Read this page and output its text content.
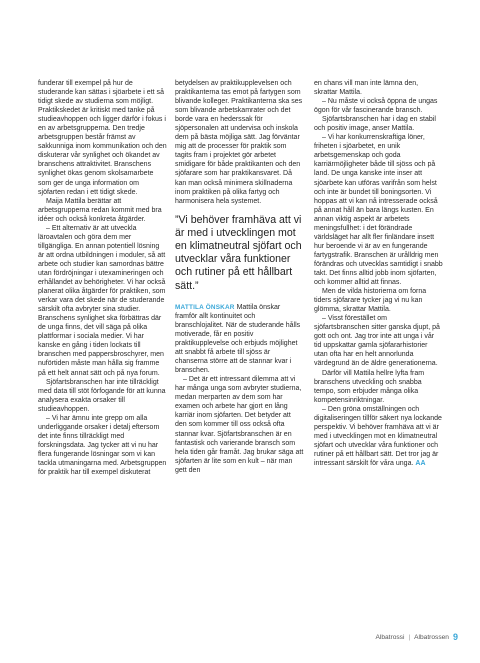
funderar till exempel på hur de studerande kan sättas i sjöarbete i ett så tidigt skede av studierna som möjligt. Praktikskedet är kritiskt med tanke på studieavhoppen och ligger därför i fokus i en av arbetsgrupperna. Den tredje arbetsgruppen består främst av sakkunniga inom kommunikation och den diskuterar vår synlighet och ökandet av branschens attraktivitet. Branschens synlighet ökas genom skolsamarbete som ger de unga information om sjöfarten redan i ett tidigt skede.

Maija Mattila berättar att arbetsgrupperna redan kommit med bra idéer och också konkreta åtgärder.

– Ett alternativ är att utveckla läroavtalen och göra dem mer tillgängliga. En annan potentiell lösning är att ordna utbildningen i moduler, så att arbete och studier kan samordnas bättre utan fördröjningar i utexamineringen och erhållandet av behörigheter. Vi har också planerat olika åtgärder för praktiken, som verkar vara det skede när de studerande särskilt ofta avbryter sina studier. Branschens synlighet ska förbättras där de unga finns, det vill säga på olika plattformar i sociala medier. Vi har kanske en gång i tiden lockats till branschen med pappersbroschyrer, men nuförtiden måste man hålla sig framme på ett helt annat sätt och på nya forum.

Sjöfartsbranschen har inte tillräckligt med data till stöt förfogande för att kunna analysera exakta orsaker till studieavhoppen.

– Vi har ämnu inte grepp om alla underliggande orsaker i detalj eftersom det inte finns tillräckligt med forskningsdata. Jag tycker att vi nu har flera fungerande lösningar som vi kan tackla utmaningarna med. Arbetsgruppen för praktik har till exempel diskuterat

betydelsen av praktikupplevelsen och praktikanterna tas emot på fartygen som blivande kolleger. Praktikanterna ska ses som blivande arbetskamrater och det borde vara en hederssak för sjöpersonalen att undervisa och inskola dem på bästa möjliga sätt. Jag förväntar mig att de processer för praktik som tagits fram i projektet gör arbetet smidigare för både praktikanten och den sjöfarare som har praktikansvaret. Då kan man också minimera skillnaderna inom praktiken på olika fartyg och harmonisera hela systemet.

”Vi behöver framhäva att vi är med i utvecklingen mot en klimatneutral sjöfart och utvecklar våra funktioner och rutiner på ett hållbart sätt.”

MATTILA ÖNSKAR Mattila önskar framför allt kontinuitet och branschlojalitet. När de studerande hålls motiverade, får en positiv praktikupplevelse och erbjuds möjlighet att snabbt få arbete till sjöss är chanserna större att de stannar kvar i branschen.

– Det är ett intressant dilemma att vi har många unga som avbryter studierna, medan merparten av dem som har examen och arbete har gjort en lång karriär inom sjöfarten. Det betyder att den som kommer till oss också ofta stannar kvar. Sjöfartsbranschen är en fantastisk och varierande bransch som hela tiden går framåt. Jag brukar säga att sjöfarten är lite som en kult – när man gett den

en chans vill man inte lämna den, skrattar Mattila.

– Nu måste vi också öppna de ungas ögon för vår fascinerande bransch.

Sjöfartsbranschen har i dag en stabil och positiv image, anser Mattila.

– Vi har konkurrenskraftiga löner, friheten i sjöarbetet, en unik arbetsgemenskap och goda karriärmöjligheter både till sjöss och på land. De unga kanske inte inser att sjöarbete kan utföras varifrån som helst och inte är bundet till boningsorten. Vi hoppas att vi kan nå intresserade också på annat håll än bara längs kusten. En annan viktig aspekt är arbetets meningsfullhet: i det förändrade världsläget har allt fler finländare insett hur beroende vi är av en fungerande fartygstrafik. Branschen är urålldrig men förändras och utvecklas samtidigt i snabb takt. Det finns alltid jobb inom sjöfarten, och kommer alltid att finnas.

Men de vilda historierna om forna tiders sjöfarare tycker jag vi nu kan glömma, skrattar Mattila.

– Visst förestället om sjöfartsbranschen sitter ganska djupt, på gott och ont. Jag tror inte att unga i vår tid uppskattar gamla sjöfararhistorier utan ofta har en helt annorlunda värdegrund än de äldre generationerna.

Därför vill Mattila hellre lyfta fram branschens utveckling och snabba tempo, som erbjuder många olika kompetensinriktningar.

– Den gröna omställningen och digitaliseringen tillför säkert nya lockande perspektiv. Vi behöver framhäva att vi är med i utvecklingen mot en klimatneutral sjöfart och utvecklar våra funktioner och rutiner på ett hållbart sätt. Det tror jag är intressant särskilt för våra unga. AA

Albatrossi | Albatrossen 9
